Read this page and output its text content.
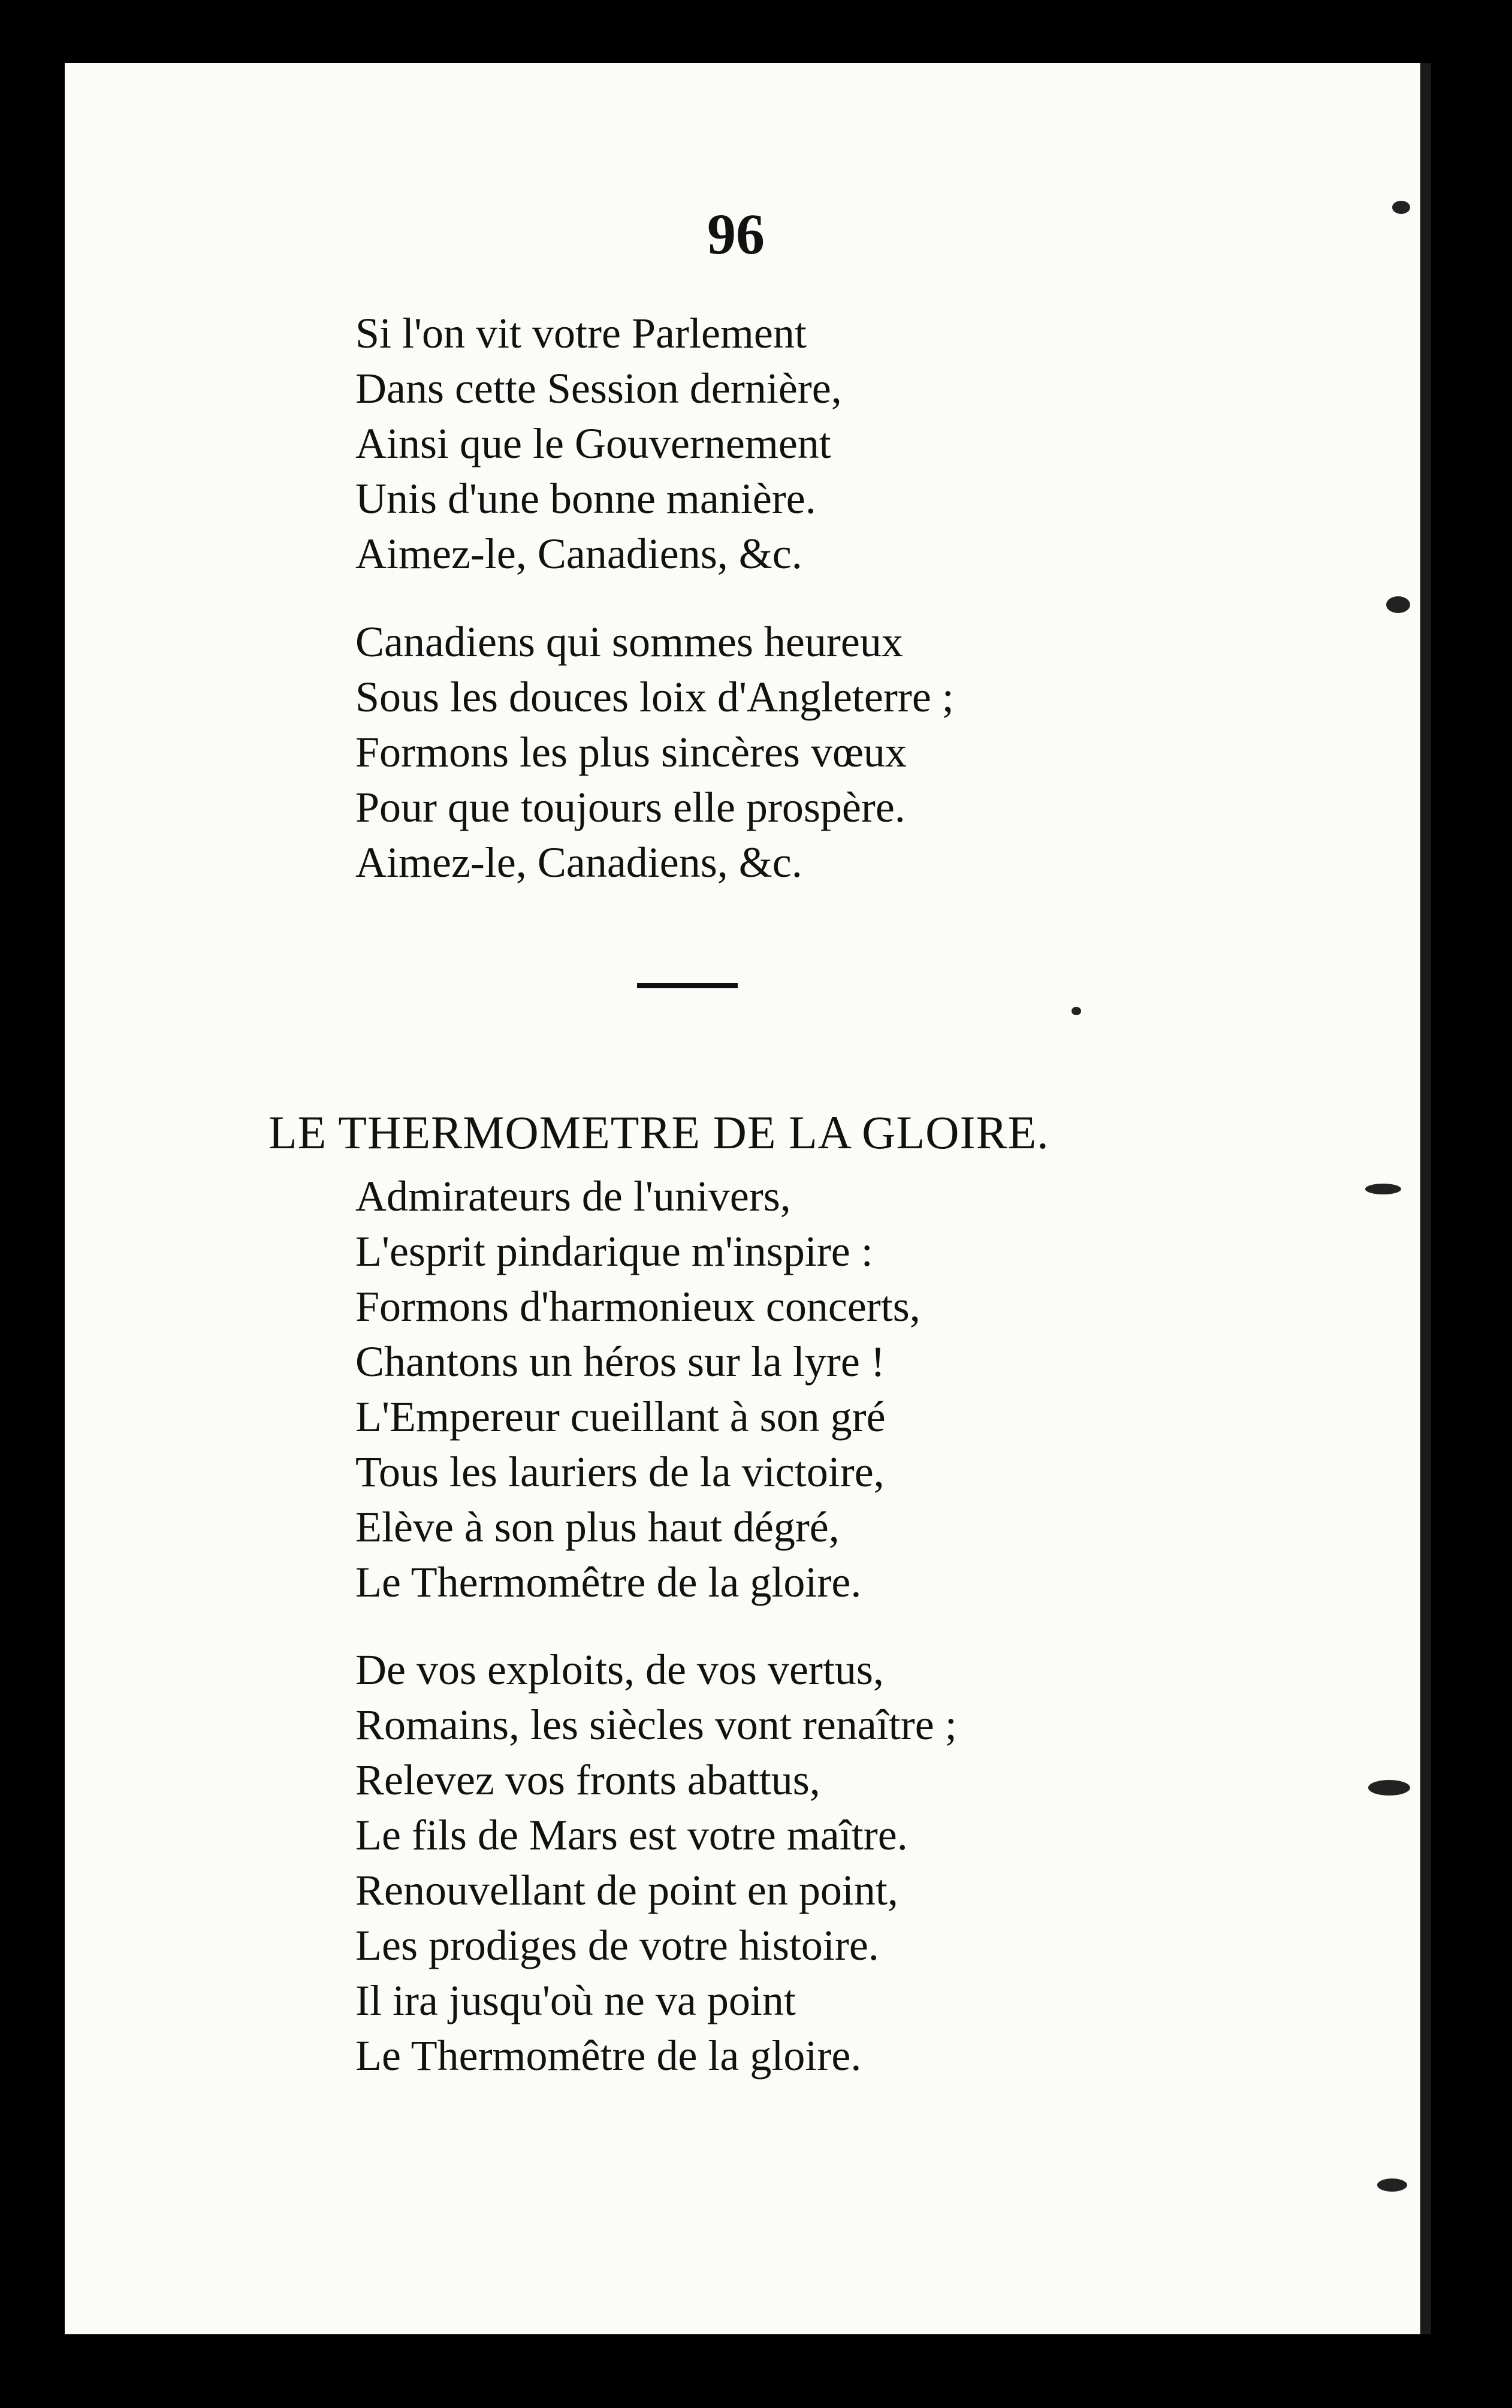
96
Si l'on vit votre Parlement
Dans cette Session dernière,
Ainsi que le Gouvernement
Unis d'une bonne manière.
Aimez-le, Canadiens, &c.
Canadiens qui sommes heureux
Sous les douces loix d'Angleterre ;
Formons les plus sincères vœux
Pour que toujours elle prospère.
Aimez-le, Canadiens, &c.
LE THERMOMETRE DE LA GLOIRE.
Admirateurs de l'univers,
L'esprit pindarique m'inspire :
Formons d'harmonieux concerts,
Chantons un héros sur la lyre !
L'Empereur cueillant à son gré
Tous les lauriers de la victoire,
Elève à son plus haut dégré,
Le Thermomêtre de la gloire.
De vos exploits, de vos vertus,
Romains, les siècles vont renaître ;
Relevez vos fronts abattus,
Le fils de Mars est votre maître.
Renouvellant de point en point,
Les prodiges de votre histoire.
Il ira jusqu'où ne va point
Le Thermomêtre de la gloire.
